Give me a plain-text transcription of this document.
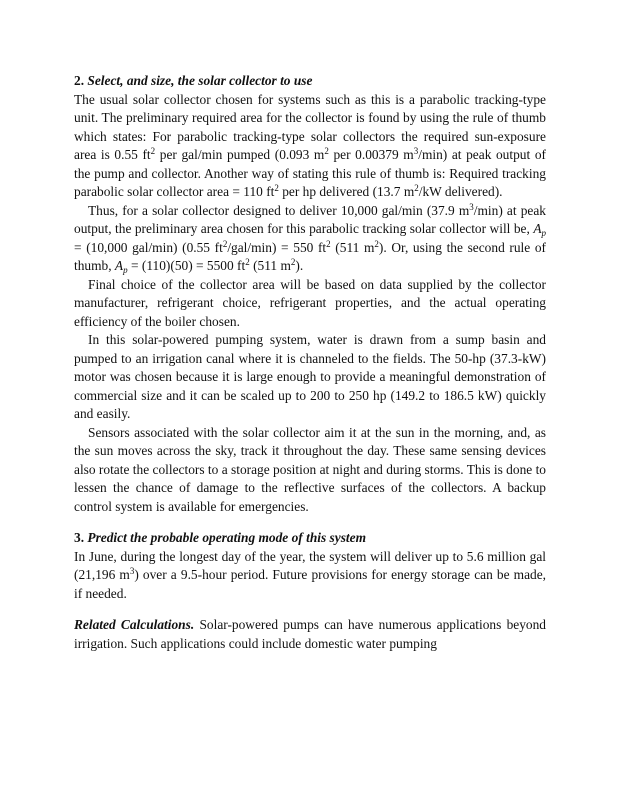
2. Select, and size, the solar collector to use

The usual solar collector chosen for systems such as this is a parabolic tracking-type unit. The preliminary required area for the collector is found by using the rule of thumb which states: For parabolic tracking-type solar collectors the required sun-exposure area is 0.55 $ft^2$ per gal/min pumped (0.093 $m^2$ per 0.00379 $m^3/\min$) at peak output of the pump and collector. Another way of stating this rule of thumb is: Required tracking parabolic solar collector area = 110 $ft^2$ per hp delivered (13.7 $m^2/kW$ delivered).

Thus, for a solar collector designed to deliver 10,000 gal/min (37.9 $m^3/\min$) at peak output, the preliminary area chosen for this parabolic tracking solar collector will be, $A_p = (10,000$ gal/min) (0.55 $ft^2/gal/\min) = 550$ $ft^2$ (511 $m^2$). Or, using the second rule of thumb, $A_p = (110)(50) = 5500$ $ft^2$ (511 $m^2$).

Final choice of the collector area will be based on data supplied by the collector manufacturer, refrigerant choice, refrigerant properties, and the actual operating efficiency of the boiler chosen.

In this solar-powered pumping system, water is drawn from a sump basin and pumped to an irrigation canal where it is channeled to the fields. The 50-hp (37.3-kW) motor was chosen because it is large enough to provide a meaningful demonstration of commercial size and it can be scaled up to 200 to 250 hp (149.2 to 186.5 kW) quickly and easily.

Sensors associated with the solar collector aim it at the sun in the morning, and, as the sun moves across the sky, track it throughout the day. These same sensing devices also rotate the collectors to a storage position at night and during storms. This is done to lessen the chance of damage to the reflective surfaces of the collectors. A backup control system is available for emergencies.

3. Predict the probable operating mode of this system

In June, during the longest day of the year, the system will deliver up to 5.6 million gal (21,196 $m^3$) over a 9.5-hour period. Future provisions for energy storage can be made, if needed.

Related Calculations. Solar-powered pumps can have numerous applications beyond irrigation. Such applications could include domestic water pumping
